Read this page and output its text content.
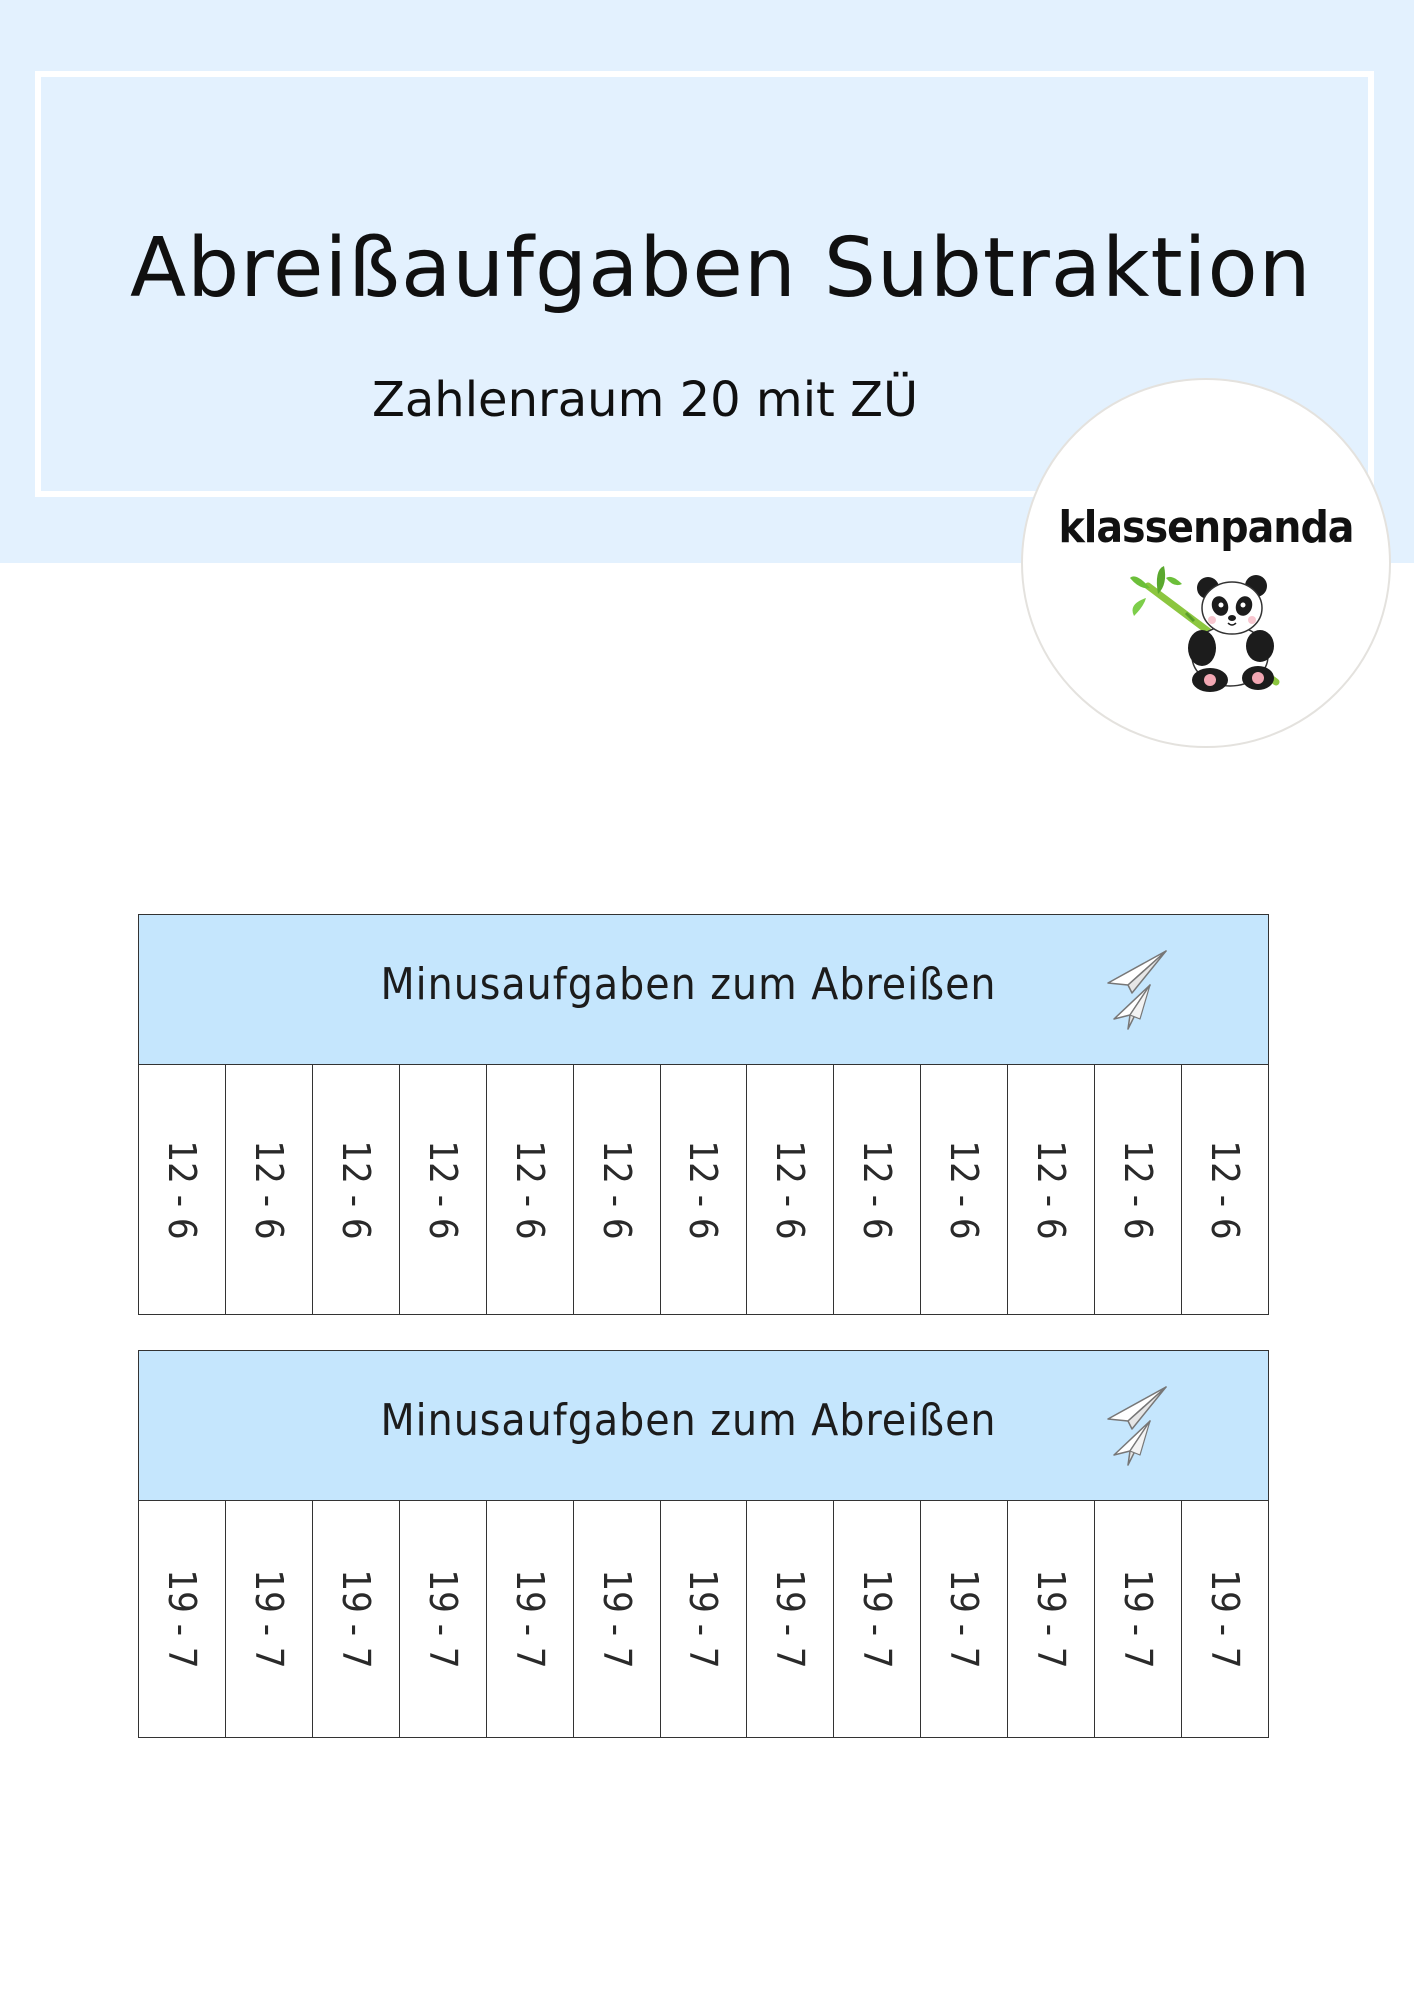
Abreißaufgaben Subtraktion
Zahlenraum 20 mit ZÜ
klassenpanda
Minusaufgaben zum Abreißen
12 - 6 12 - 6 12 - 6 12 - 6 12 - 6 12 - 6 12 - 6 12 - 6 12 - 6 12 - 6 12 - 6 12 - 6 12 - 6
Minusaufgaben zum Abreißen
19 - 7 19 - 7 19 - 7 19 - 7 19 - 7 19 - 7 19 - 7 19 - 7 19 - 7 19 - 7 19 - 7 19 - 7 19 - 7
